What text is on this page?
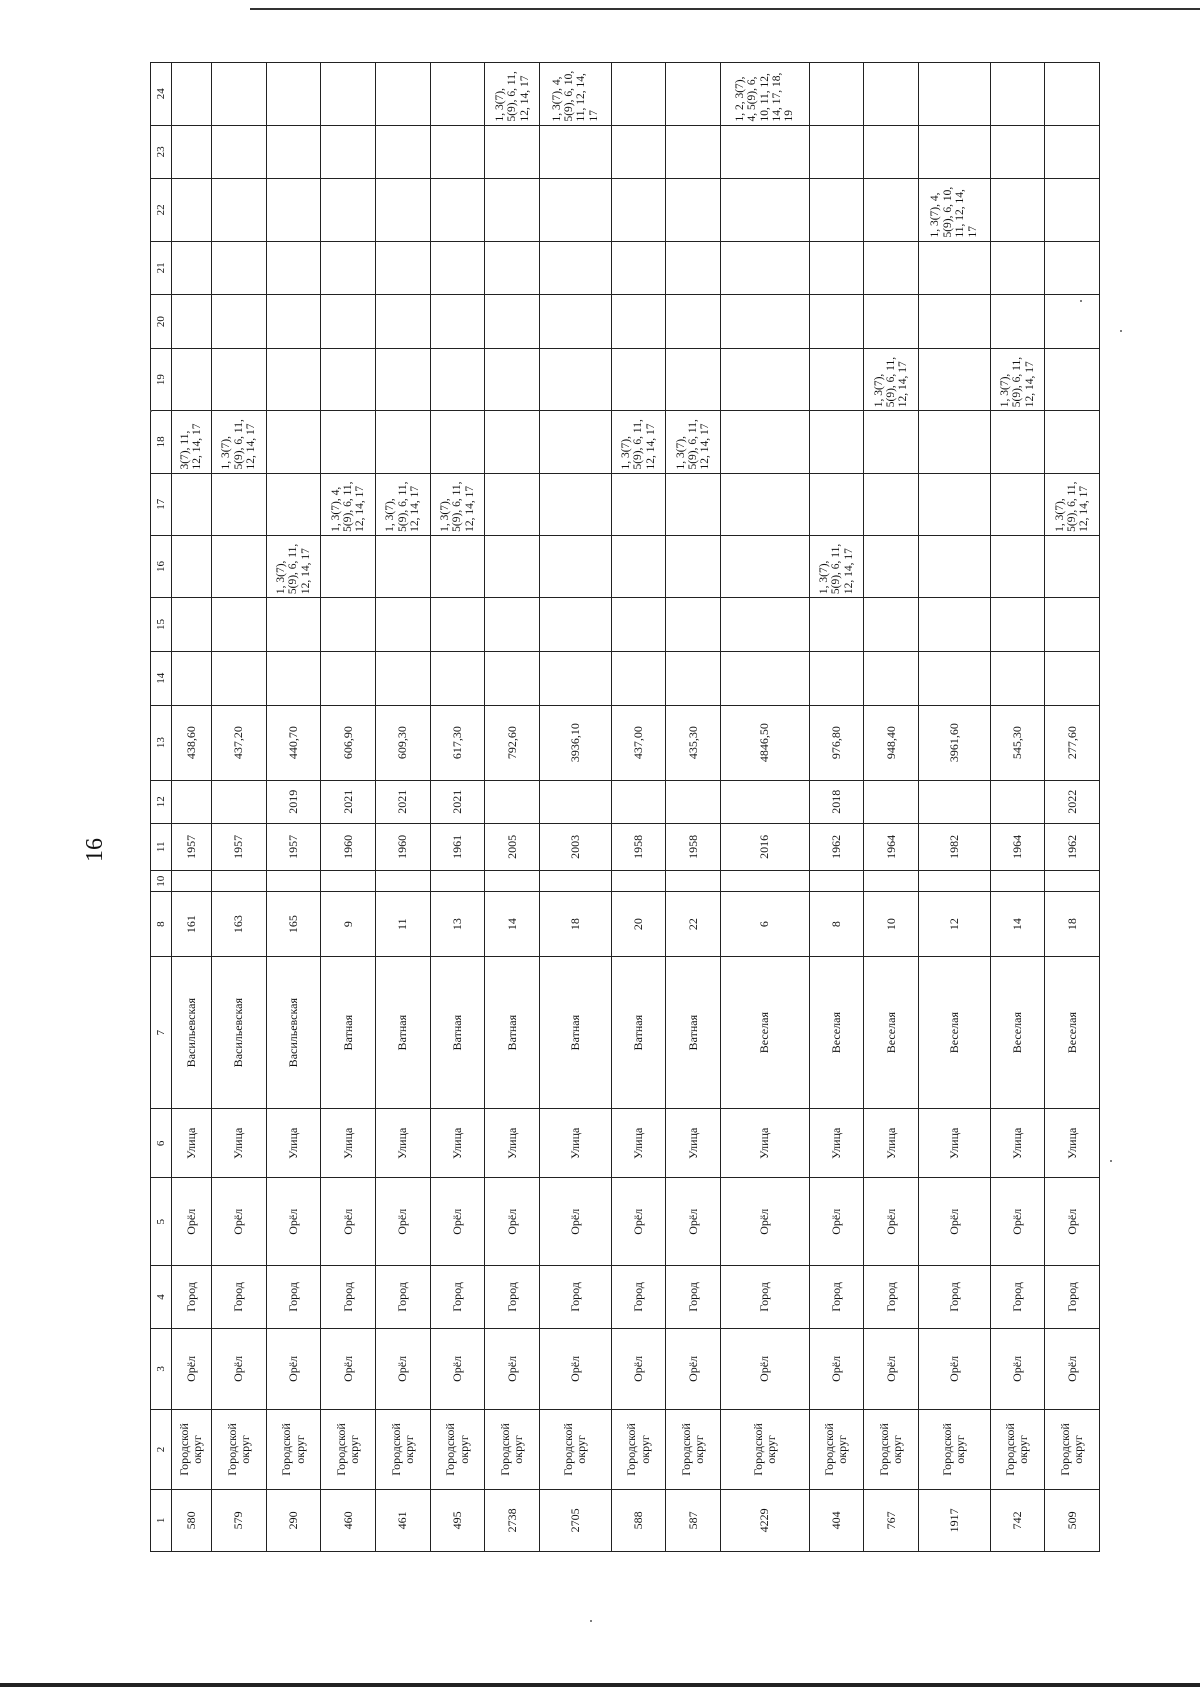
16
1	2	3	4	5	6	7	8	10	11	12	13	14	15	16	17	18	19	20	21	22	23	24
580	Городской округ	Орёл	Город	Орёл	Улица	Васильевская	161		1957		438,60					3(7), 11, 12, 14, 17						
579	Городской округ	Орёл	Город	Орёл	Улица	Васильевская	163		1957		437,20					1, 3(7), 5(9), 6, 11, 12, 14, 17						
290	Городской округ	Орёл	Город	Орёл	Улица	Васильевская	165		1957	2019	440,70			1, 3(7), 5(9), 6, 11, 12, 14, 17								
460	Городской округ	Орёл	Город	Орёл	Улица	Ватная	9		1960	2021	606,90				1, 3(7), 4, 5(9), 6, 11, 12, 14, 17							
461	Городской округ	Орёл	Город	Орёл	Улица	Ватная	11		1960	2021	609,30				1, 3(7), 5(9), 6, 11, 12, 14, 17							
495	Городской округ	Орёл	Город	Орёл	Улица	Ватная	13		1961	2021	617,30				1, 3(7), 5(9), 6, 11, 12, 14, 17							
2738	Городской округ	Орёл	Город	Орёл	Улица	Ватная	14		2005		792,60											1, 3(7), 5(9), 6, 11, 12, 14, 17
2705	Городской округ	Орёл	Город	Орёл	Улица	Ватная	18		2003		3936,10											1, 3(7), 4, 5(9), 6, 10, 11, 12, 14, 17
588	Городской округ	Орёл	Город	Орёл	Улица	Ватная	20		1958		437,00					1, 3(7), 5(9), 6, 11, 12, 14, 17						
587	Городской округ	Орёл	Город	Орёл	Улица	Ватная	22		1958		435,30					1, 3(7), 5(9), 6, 11, 12, 14, 17						
4229	Городской округ	Орёл	Город	Орёл	Улица	Веселая	6		2016		4846,50											1, 2, 3(7), 4, 5(9), 6, 10, 11, 12, 14, 17, 18, 19
404	Городской округ	Орёл	Город	Орёл	Улица	Веселая	8		1962	2018	976,80			1, 3(7), 5(9), 6, 11, 12, 14, 17								
767	Городской округ	Орёл	Город	Орёл	Улица	Веселая	10		1964		948,40						1, 3(7), 5(9), 6, 11, 12, 14, 17					
1917	Городской округ	Орёл	Город	Орёл	Улица	Веселая	12		1982		3961,60									1, 3(7), 4, 5(9), 6, 10, 11, 12, 14, 17		
742	Городской округ	Орёл	Город	Орёл	Улица	Веселая	14		1964		545,30						1, 3(7), 5(9), 6, 11, 12, 14, 17					
509	Городской округ	Орёл	Город	Орёл	Улица	Веселая	18		1962	2022	277,60				1, 3(7), 5(9), 6, 11, 12, 14, 17							
